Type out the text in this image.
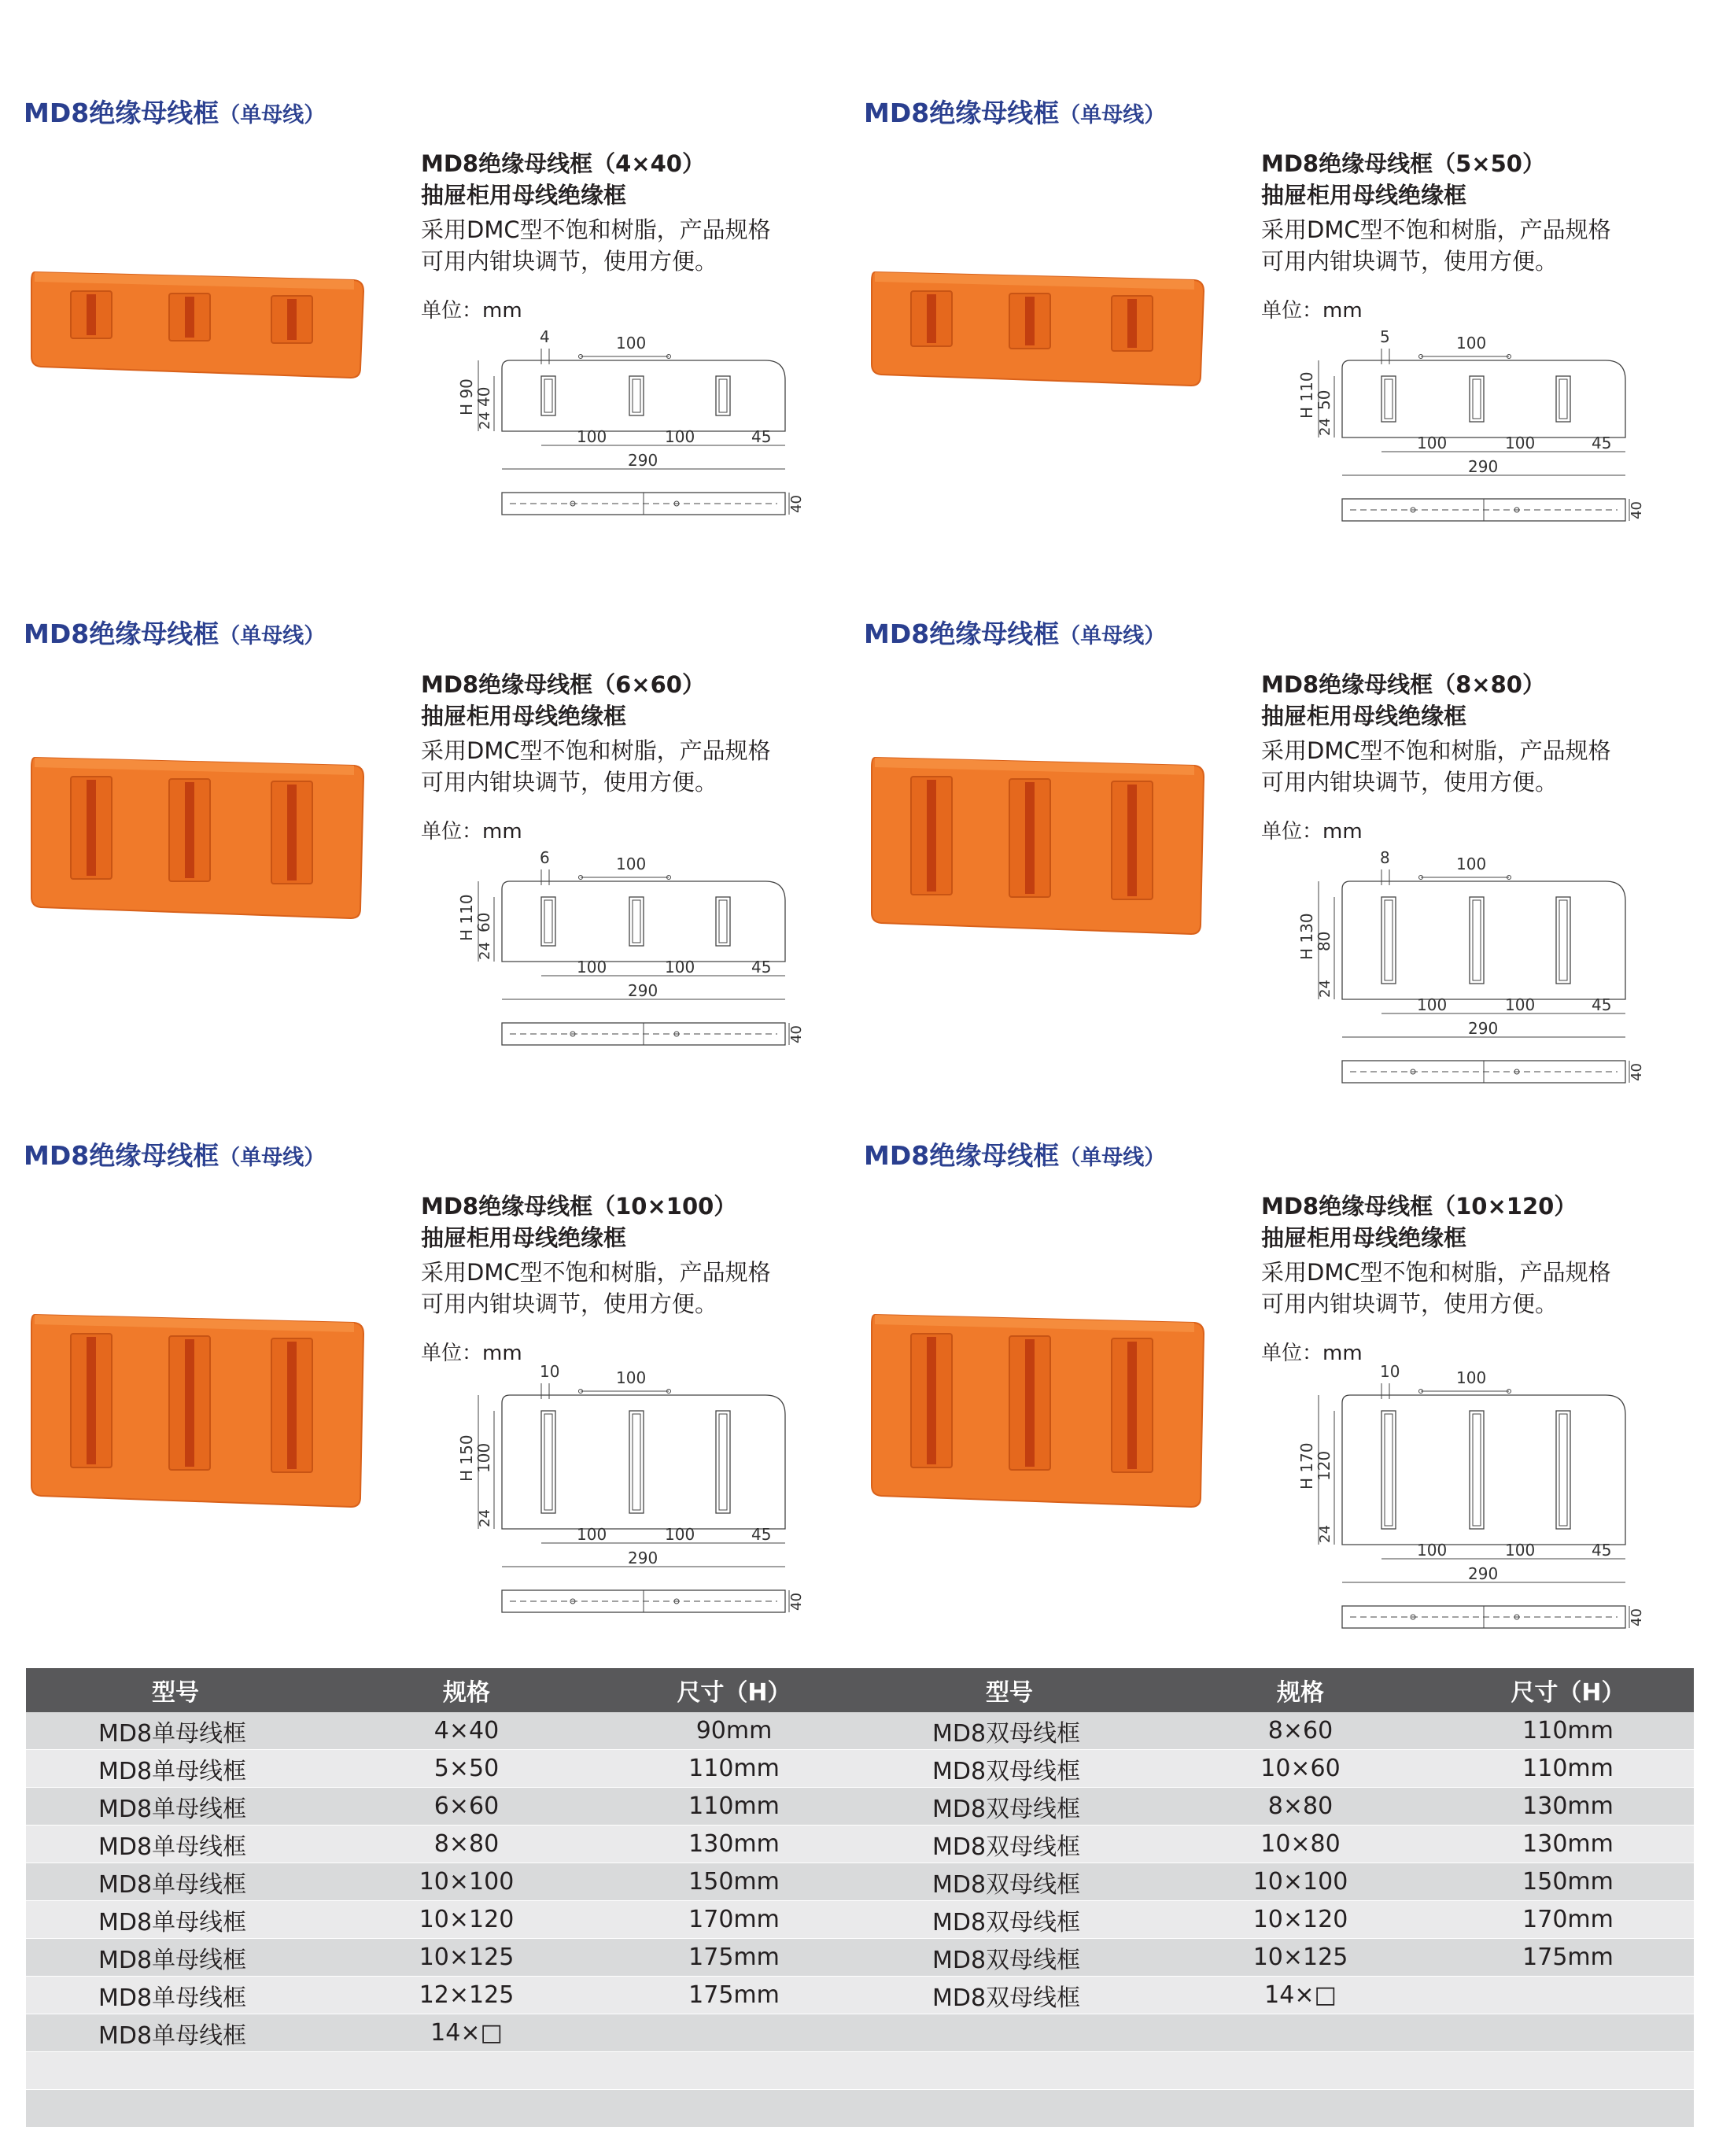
MD8绝缘母线框（单母线）
MD8绝缘母线框（4×40）
抽屉柜用母线绝缘框
采用DMC型不饱和树脂，产品规格
可用内钳块调节，使用方便。
单位：mm
4	100
H 90
40
24
100	100	45
290
40
MD8绝缘母线框（单母线）
MD8绝缘母线框（5×50）
抽屉柜用母线绝缘框
采用DMC型不饱和树脂，产品规格
可用内钳块调节，使用方便。
单位：mm
5	100
H 110
50
24
100	100	45
290
40
MD8绝缘母线框（单母线）
MD8绝缘母线框（6×60）
抽屉柜用母线绝缘框
采用DMC型不饱和树脂，产品规格
可用内钳块调节，使用方便。
单位：mm
6	100
H 110
60
24
100	100	45
290
40
MD8绝缘母线框（单母线）
MD8绝缘母线框（8×80）
抽屉柜用母线绝缘框
采用DMC型不饱和树脂，产品规格
可用内钳块调节，使用方便。
单位：mm
8	100
H 130
80
24
100	100	45
290
40
MD8绝缘母线框（单母线）
MD8绝缘母线框（10×100）
抽屉柜用母线绝缘框
采用DMC型不饱和树脂，产品规格
可用内钳块调节，使用方便。
单位：mm
10	100
H 150
100
24
100	100	45
290
40
MD8绝缘母线框（单母线）
MD8绝缘母线框（10×120）
抽屉柜用母线绝缘框
采用DMC型不饱和树脂，产品规格
可用内钳块调节，使用方便。
单位：mm
10	100
H 170
120
24
100	100	45
290
40
型号	规格	尺寸（H）	型号	规格	尺寸（H）
MD8单母线框	4×40	90mm	MD8双母线框	8×60	110mm
MD8单母线框	5×50	110mm	MD8双母线框	10×60	110mm
MD8单母线框	6×60	110mm	MD8双母线框	8×80	130mm
MD8单母线框	8×80	130mm	MD8双母线框	10×80	130mm
MD8单母线框	10×100	150mm	MD8双母线框	10×100	150mm
MD8单母线框	10×120	170mm	MD8双母线框	10×120	170mm
MD8单母线框	10×125	175mm	MD8双母线框	10×125	175mm
MD8单母线框	12×125	175mm	MD8双母线框	14×□	
MD8单母线框	14×□				
